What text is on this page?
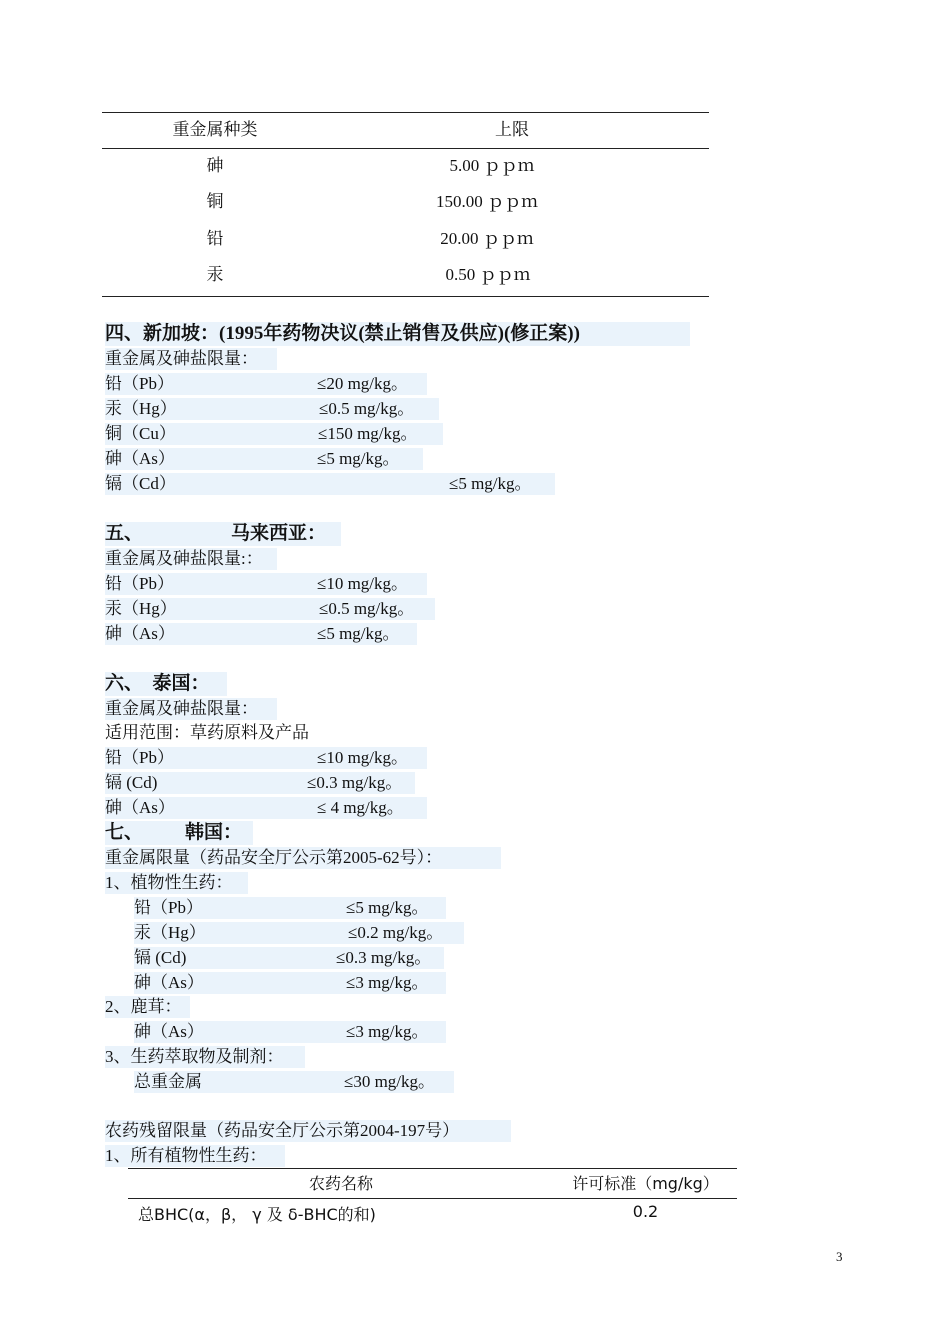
重金属种类	上限
砷	5.00 ｐｐｍ
铜	150.00 ｐｐｍ
铅	20.00 ｐｐｍ
汞	0.50 ｐｐｍ
四、新加坡：(1995年药物决议(禁止销售及供应)(修正案))
重金属及砷盐限量：
铅（Pb）	≤20 mg/kg。
汞（Hg）	≤0.5 mg/kg。
铜（Cu）	≤150 mg/kg。
砷（As）	≤5 mg/kg。
镉（Cd）	≤5 mg/kg。
五、	马来西亚：
重金属及砷盐限量:：
铅（Pb）	≤10 mg/kg。
汞（Hg）	≤0.5 mg/kg。
砷（As）	≤5 mg/kg。
六、  泰国：
重金属及砷盐限量：
适用范围：草药原料及产品
铅（Pb）	≤10 mg/kg。
镉 (Cd)	≤0.3 mg/kg。
砷（As）	≤ 4 mg/kg。
七、 韩国：
重金属限量（药品安全厅公示第2005-62号）：
1、植物性生药：
铅（Pb）	≤5 mg/kg。
汞（Hg）	≤0.2 mg/kg。
镉 (Cd)	≤0.3 mg/kg。
砷（As）	≤3 mg/kg。
2、鹿茸：
砷（As）	≤3 mg/kg。
3、生药萃取物及制剂：
总重金属	≤30 mg/kg。
农药残留限量（药品安全厅公示第2004-197号）
1、所有植物性生药：
农药名称	许可标准（mg/kg）
总BHC(α，β， γ 及 δ-BHC的和)	0.2
3
